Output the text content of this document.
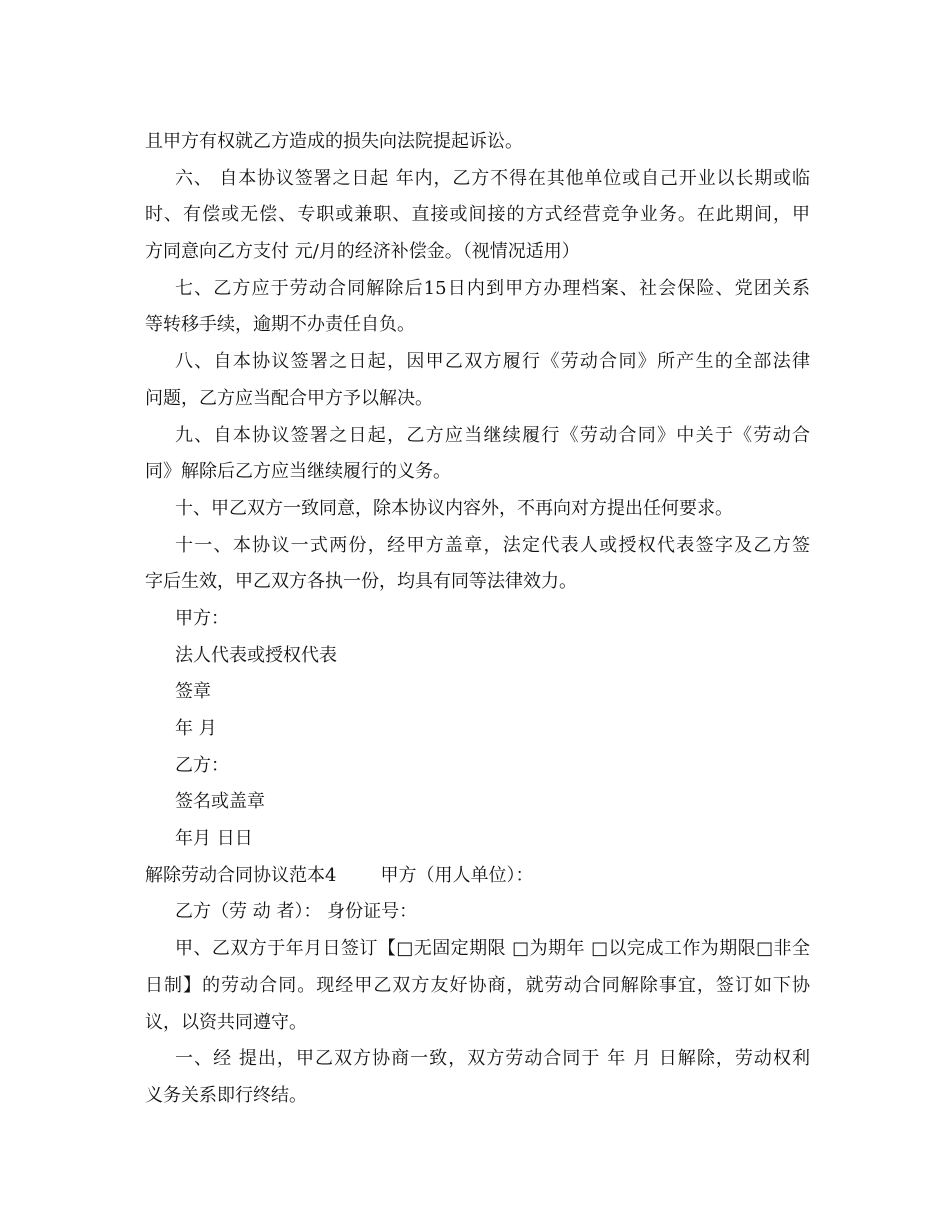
且甲方有权就乙方造成的损失向法院提起诉讼。
六、 自本协议签署之日起 年内，乙方不得在其他单位或自己开业以长期或临
时、有偿或无偿、专职或兼职、直接或间接的方式经营竞争业务。在此期间，甲
方同意向乙方支付 元/月的经济补偿金。（视情况适用）
七、乙方应于劳动合同解除后15日内到甲方办理档案、社会保险、党团关系
等转移手续，逾期不办责任自负。
八、自本协议签署之日起，因甲乙双方履行《劳动合同》所产生的全部法律
问题，乙方应当配合甲方予以解决。
九、自本协议签署之日起，乙方应当继续履行《劳动合同》中关于《劳动合
同》解除后乙方应当继续履行的义务。
十、甲乙双方一致同意，除本协议内容外，不再向对方提出任何要求。
十一、本协议一式两份，经甲方盖章，法定代表人或授权代表签字及乙方签
字后生效，甲乙双方各执一份，均具有同等法律效力。
甲方：
法人代表或授权代表
签章
年 月
乙方：
签名或盖章
年月 日日
解除劳动合同协议范本4 甲方（用人单位）：
乙方（劳 动 者）： 身份证号：
甲、乙双方于年月日签订【□无固定期限 □为期年 □以完成工作为期限□非全
日制】的劳动合同。现经甲乙双方友好协商，就劳动合同解除事宜，签订如下协
议，以资共同遵守。
一、经 提出，甲乙双方协商一致，双方劳动合同于 年 月 日解除，劳动权利
义务关系即行终结。
